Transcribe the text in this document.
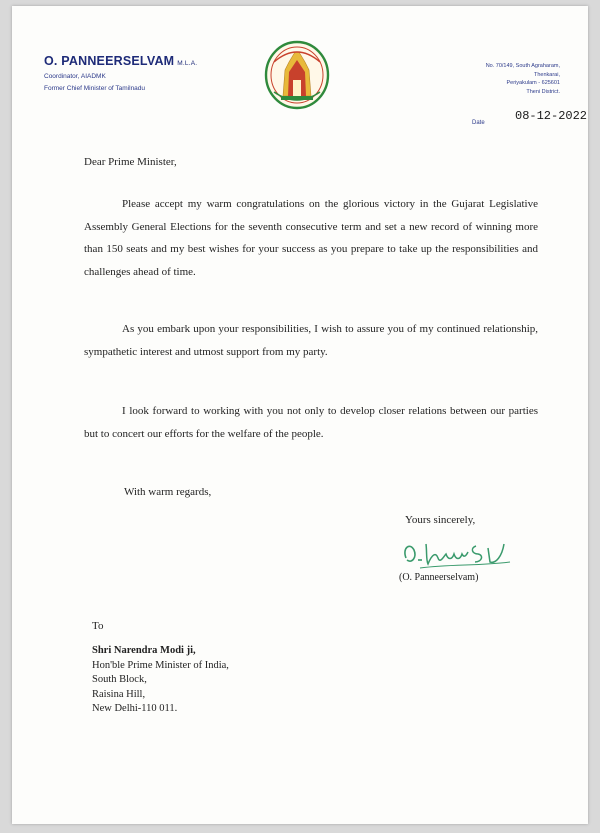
O. PANNEERSELVAM M.L.A.
Coordinator, AIADMK
Former Chief Minister of Tamilnadu
No. 70/149, South Agraharam,
Thenkarai,
Periyakulam - 625601
Theni District.
Date	08-12-2022
Dear Prime Minister,
Please accept my warm congratulations on the glorious victory in the Gujarat Legislative Assembly General Elections for the seventh consecutive term and set a new record of winning more than 150 seats and my best wishes for your success as you prepare to take up the responsibilities and challenges ahead of time.
As you embark upon your responsibilities, I wish to assure you of my continued relationship, sympathetic interest and utmost support from my party.
I look forward to working with you not only to develop closer relations between our parties but to concert our efforts for the welfare of the people.
With warm regards,
Yours sincerely,
(O. Panneerselvam)
To
Shri Narendra Modi ji,
Hon'ble Prime Minister of India,
South Block,
Raisina Hill,
New Delhi-110 011.
